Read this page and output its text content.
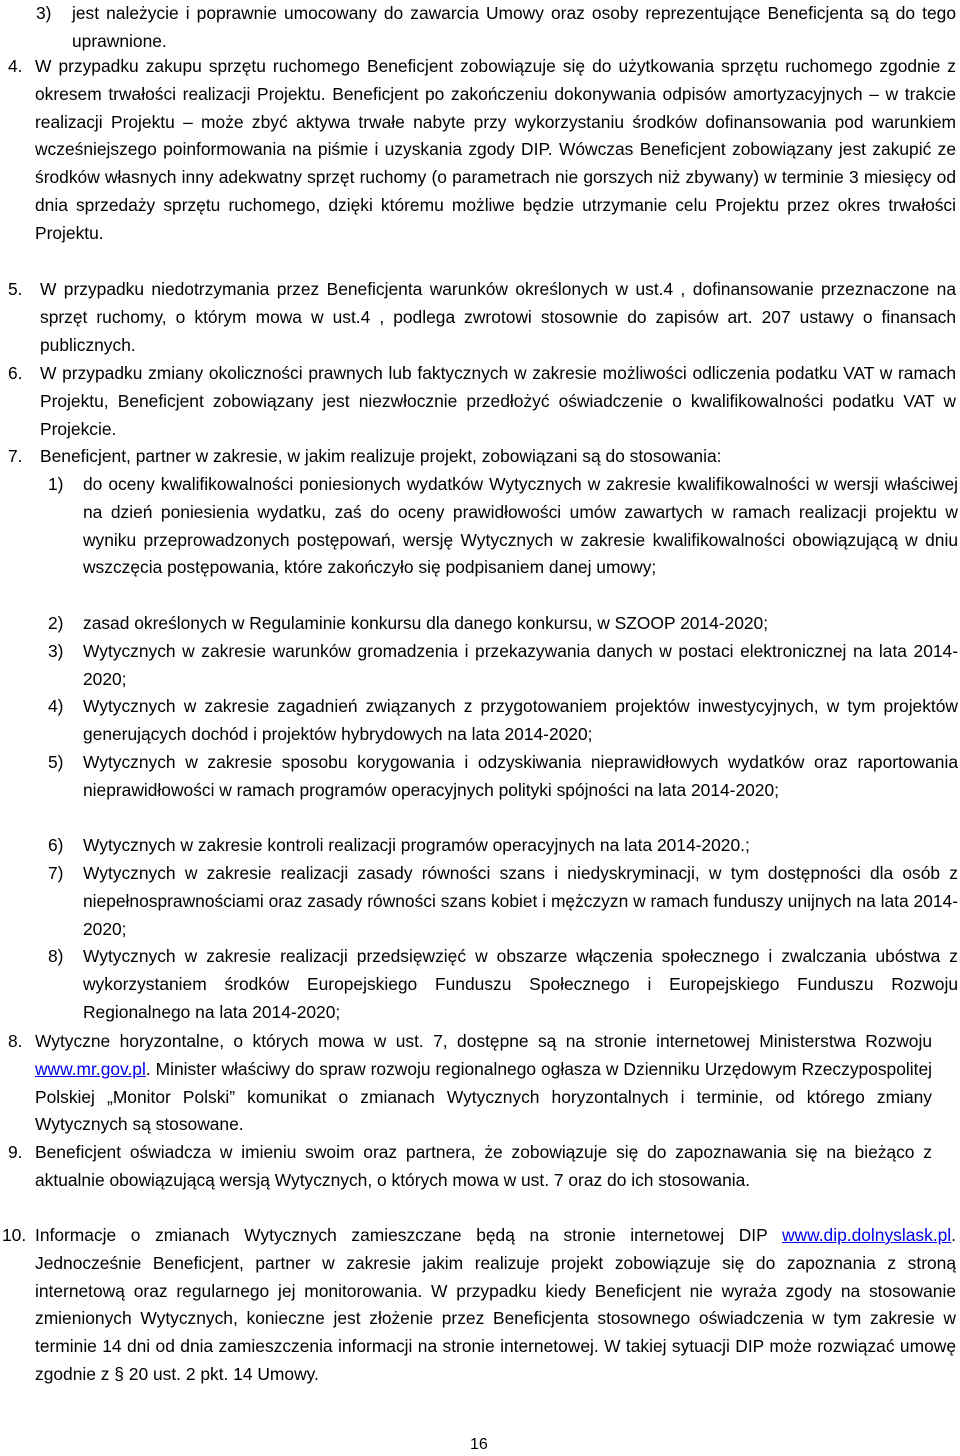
3)	jest należycie i poprawnie umocowany do zawarcia Umowy oraz osoby reprezentujące Beneficjenta są do tego uprawnione.
4. W przypadku zakupu sprzętu ruchomego Beneficjent zobowiązuje się do użytkowania sprzętu ruchomego zgodnie z okresem trwałości realizacji Projektu. Beneficjent po zakończeniu dokonywania odpisów amortyzacyjnych – w trakcie realizacji Projektu – może zbyć aktywa trwałe nabyte przy wykorzystaniu środków dofinansowania pod warunkiem wcześniejszego poinformowania na piśmie i uzyskania zgody DIP. Wówczas Beneficjent zobowiązany jest zakupić ze środków własnych inny adekwatny sprzęt ruchomy (o parametrach nie gorszych niż zbywany) w terminie 3 miesięcy od dnia sprzedaży sprzętu ruchomego, dzięki któremu możliwe będzie utrzymanie celu Projektu przez okres trwałości Projektu.
5.	W przypadku niedotrzymania przez Beneficjenta warunków określonych w ust.4 , dofinansowanie przeznaczone na sprzęt ruchomy, o którym mowa w ust.4 , podlega zwrotowi stosownie do zapisów art. 207 ustawy o finansach publicznych.
6.	W przypadku zmiany okoliczności prawnych lub faktycznych w zakresie możliwości odliczenia podatku VAT w ramach Projektu, Beneficjent zobowiązany jest niezwłocznie przedłożyć oświadczenie o kwalifikowalności podatku VAT w Projekcie.
7.	Beneficjent, partner w zakresie, w jakim realizuje projekt, zobowiązani są do stosowania:
1)	do oceny kwalifikowalności poniesionych wydatków Wytycznych w zakresie kwalifikowalności w wersji właściwej na dzień poniesienia wydatku, zaś do oceny prawidłowości umów zawartych w ramach realizacji projektu w wyniku przeprowadzonych postępowań, wersję Wytycznych w zakresie kwalifikowalności obowiązującą w dniu wszczęcia postępowania, które zakończyło się podpisaniem danej umowy;
2)	zasad określonych w Regulaminie konkursu dla danego konkursu, w SZOOP 2014-2020;
3)	Wytycznych w zakresie warunków gromadzenia i przekazywania danych w postaci elektronicznej na lata 2014-2020;
4)	Wytycznych w zakresie zagadnień związanych z przygotowaniem projektów inwestycyjnych, w tym projektów generujących dochód i projektów hybrydowych na lata 2014-2020;
5)	Wytycznych w zakresie sposobu korygowania i odzyskiwania nieprawidłowych wydatków oraz raportowania nieprawidłowości w ramach programów operacyjnych polityki spójności na lata 2014-2020;
6)	Wytycznych w zakresie kontroli realizacji programów operacyjnych na lata 2014-2020.;
7)	Wytycznych w zakresie realizacji zasady równości szans i niedyskryminacji, w tym dostępności dla osób z niepełnosprawnościami oraz zasady równości szans kobiet i mężczyzn w ramach funduszy unijnych na lata 2014-2020;
8)	Wytycznych w zakresie realizacji przedsięwzięć w obszarze włączenia społecznego i zwalczania ubóstwa z wykorzystaniem środków Europejskiego Funduszu Społecznego i Europejskiego Funduszu Rozwoju Regionalnego na lata 2014-2020;
8. Wytyczne horyzontalne, o których mowa w ust. 7, dostępne są na stronie internetowej Ministerstwa Rozwoju www.mr.gov.pl. Minister właściwy do spraw rozwoju regionalnego ogłasza w Dzienniku Urzędowym Rzeczypospolitej Polskiej „Monitor Polski” komunikat o zmianach Wytycznych horyzontalnych i terminie, od którego zmiany Wytycznych są stosowane.
9. Beneficjent oświadcza w imieniu swoim oraz partnera, że zobowiązuje się do zapoznawania się na bieżąco z aktualnie obowiązującą wersją Wytycznych, o których mowa w ust. 7 oraz do ich stosowania.
10. Informacje o zmianach Wytycznych zamieszczane będą na stronie internetowej DIP www.dip.dolnyslask.pl. Jednocześnie Beneficjent, partner w zakresie jakim realizuje projekt zobowiązuje się do zapoznania z stroną internetową oraz regularnego jej monitorowania. W przypadku kiedy Beneficjent nie wyraża zgody na stosowanie zmienionych Wytycznych, konieczne jest złożenie przez Beneficjenta stosownego oświadczenia w tym zakresie w terminie 14 dni od dnia zamieszczenia informacji na stronie internetowej. W takiej sytuacji DIP może rozwiązać umowę zgodnie z § 20 ust. 2 pkt. 14 Umowy.
16
